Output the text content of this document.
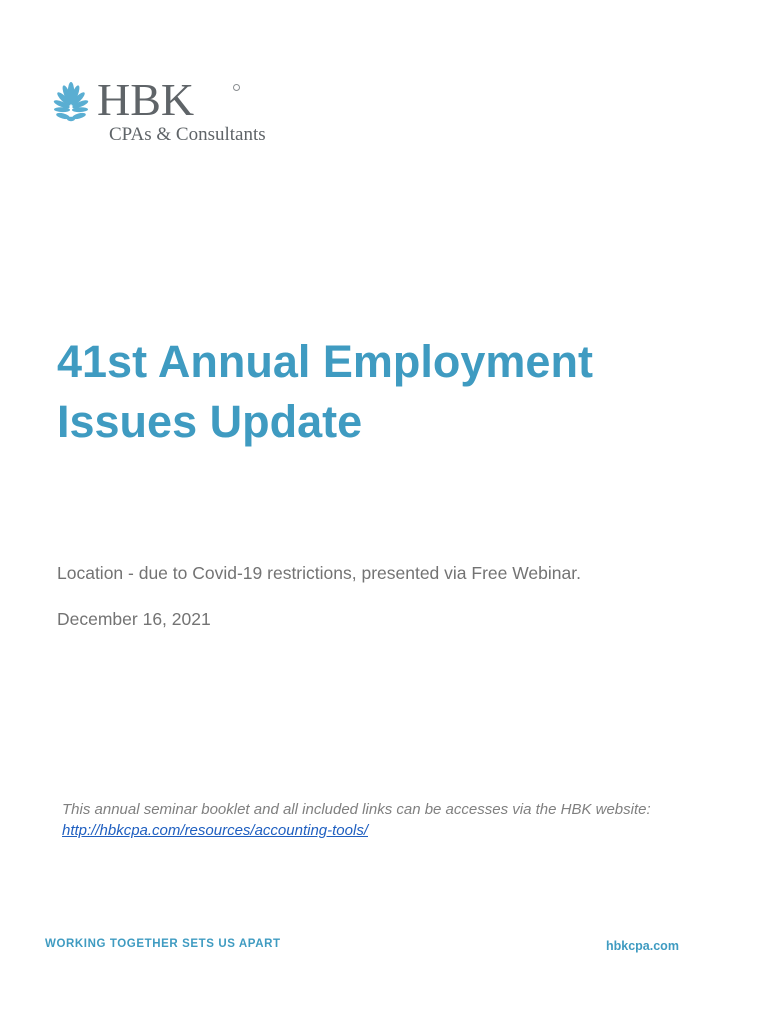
HBK
CPAs & Consultants
41st Annual Employment
Issues Update
Location - due to Covid-19 restrictions, presented via Free Webinar.
December 16, 2021

This annual seminar booklet and all included links can be accesses via the HBK website: http://hbkcpa.com/resources/accounting-tools/

WORKING TOGETHER SETS US APART	hbkcpa.com
